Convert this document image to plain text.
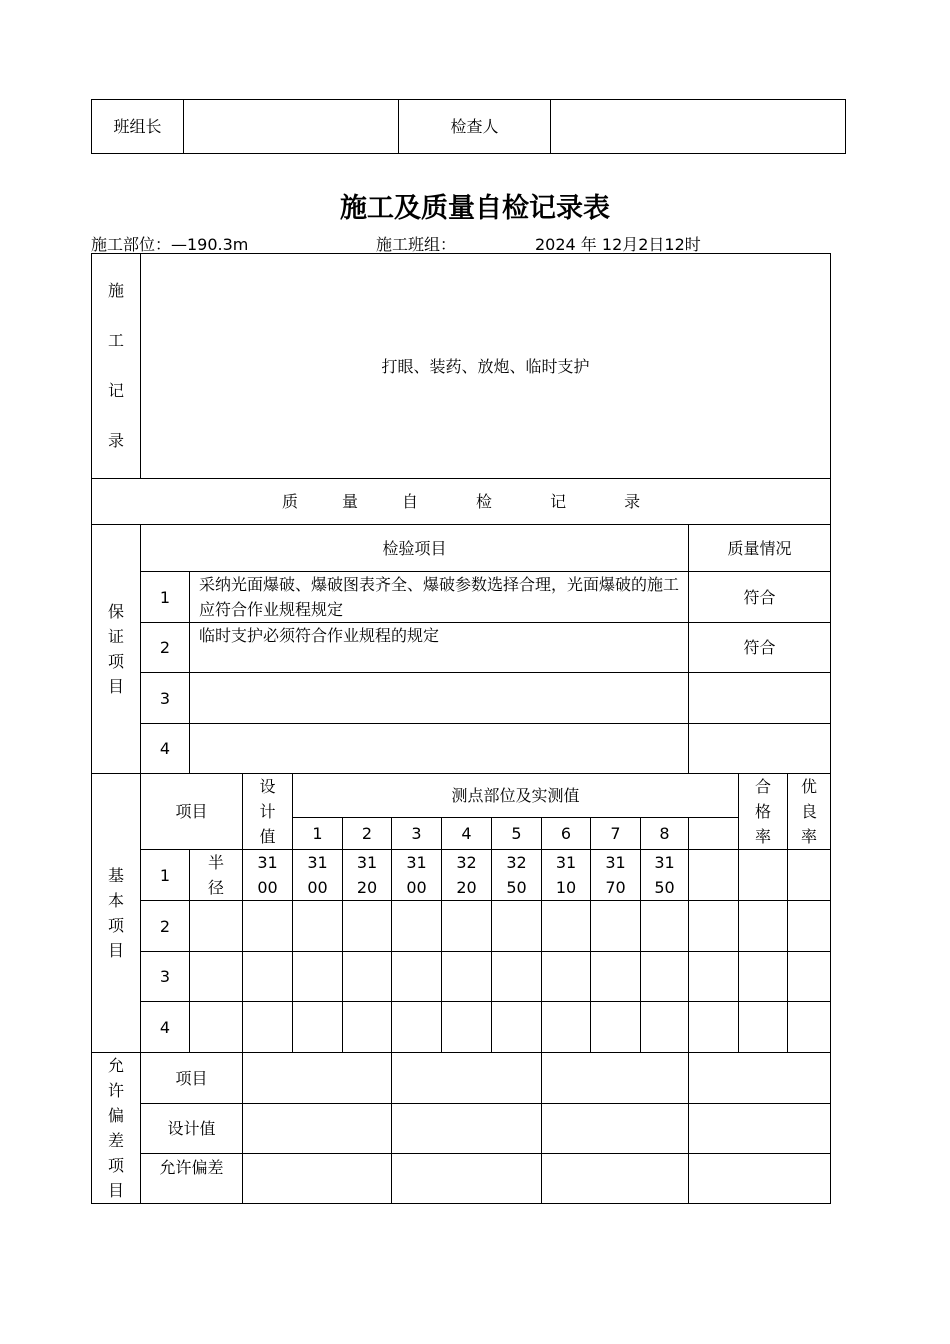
班组长		检查人	
施工及质量自检记录表
施工部位：—190.3m	施工班组：	2024 年 12月2日12时
施工记录	打眼、装药、放炮、临时支护													
质 量 自 检 记 录														
保证项目	检验项目											质量情况		
	1	采纳光面爆破、爆破图表齐全、爆破参数选择合理，光面爆破的施工应符合作业规程规定										符合		
	2	临时支护必须符合作业规程的规定										符合		
	3													
	4													
基本项目	项目		设计值	测点部位及实测值									合格率	优良率
				1	2	3	4	5	6	7	8			
	1	半径	3100	3100	3120	3100	3220	3250	3110	3170	3150			
	2													
	3													
	4													
允许偏差项目	项目													
	设计值													
	允许偏差													
